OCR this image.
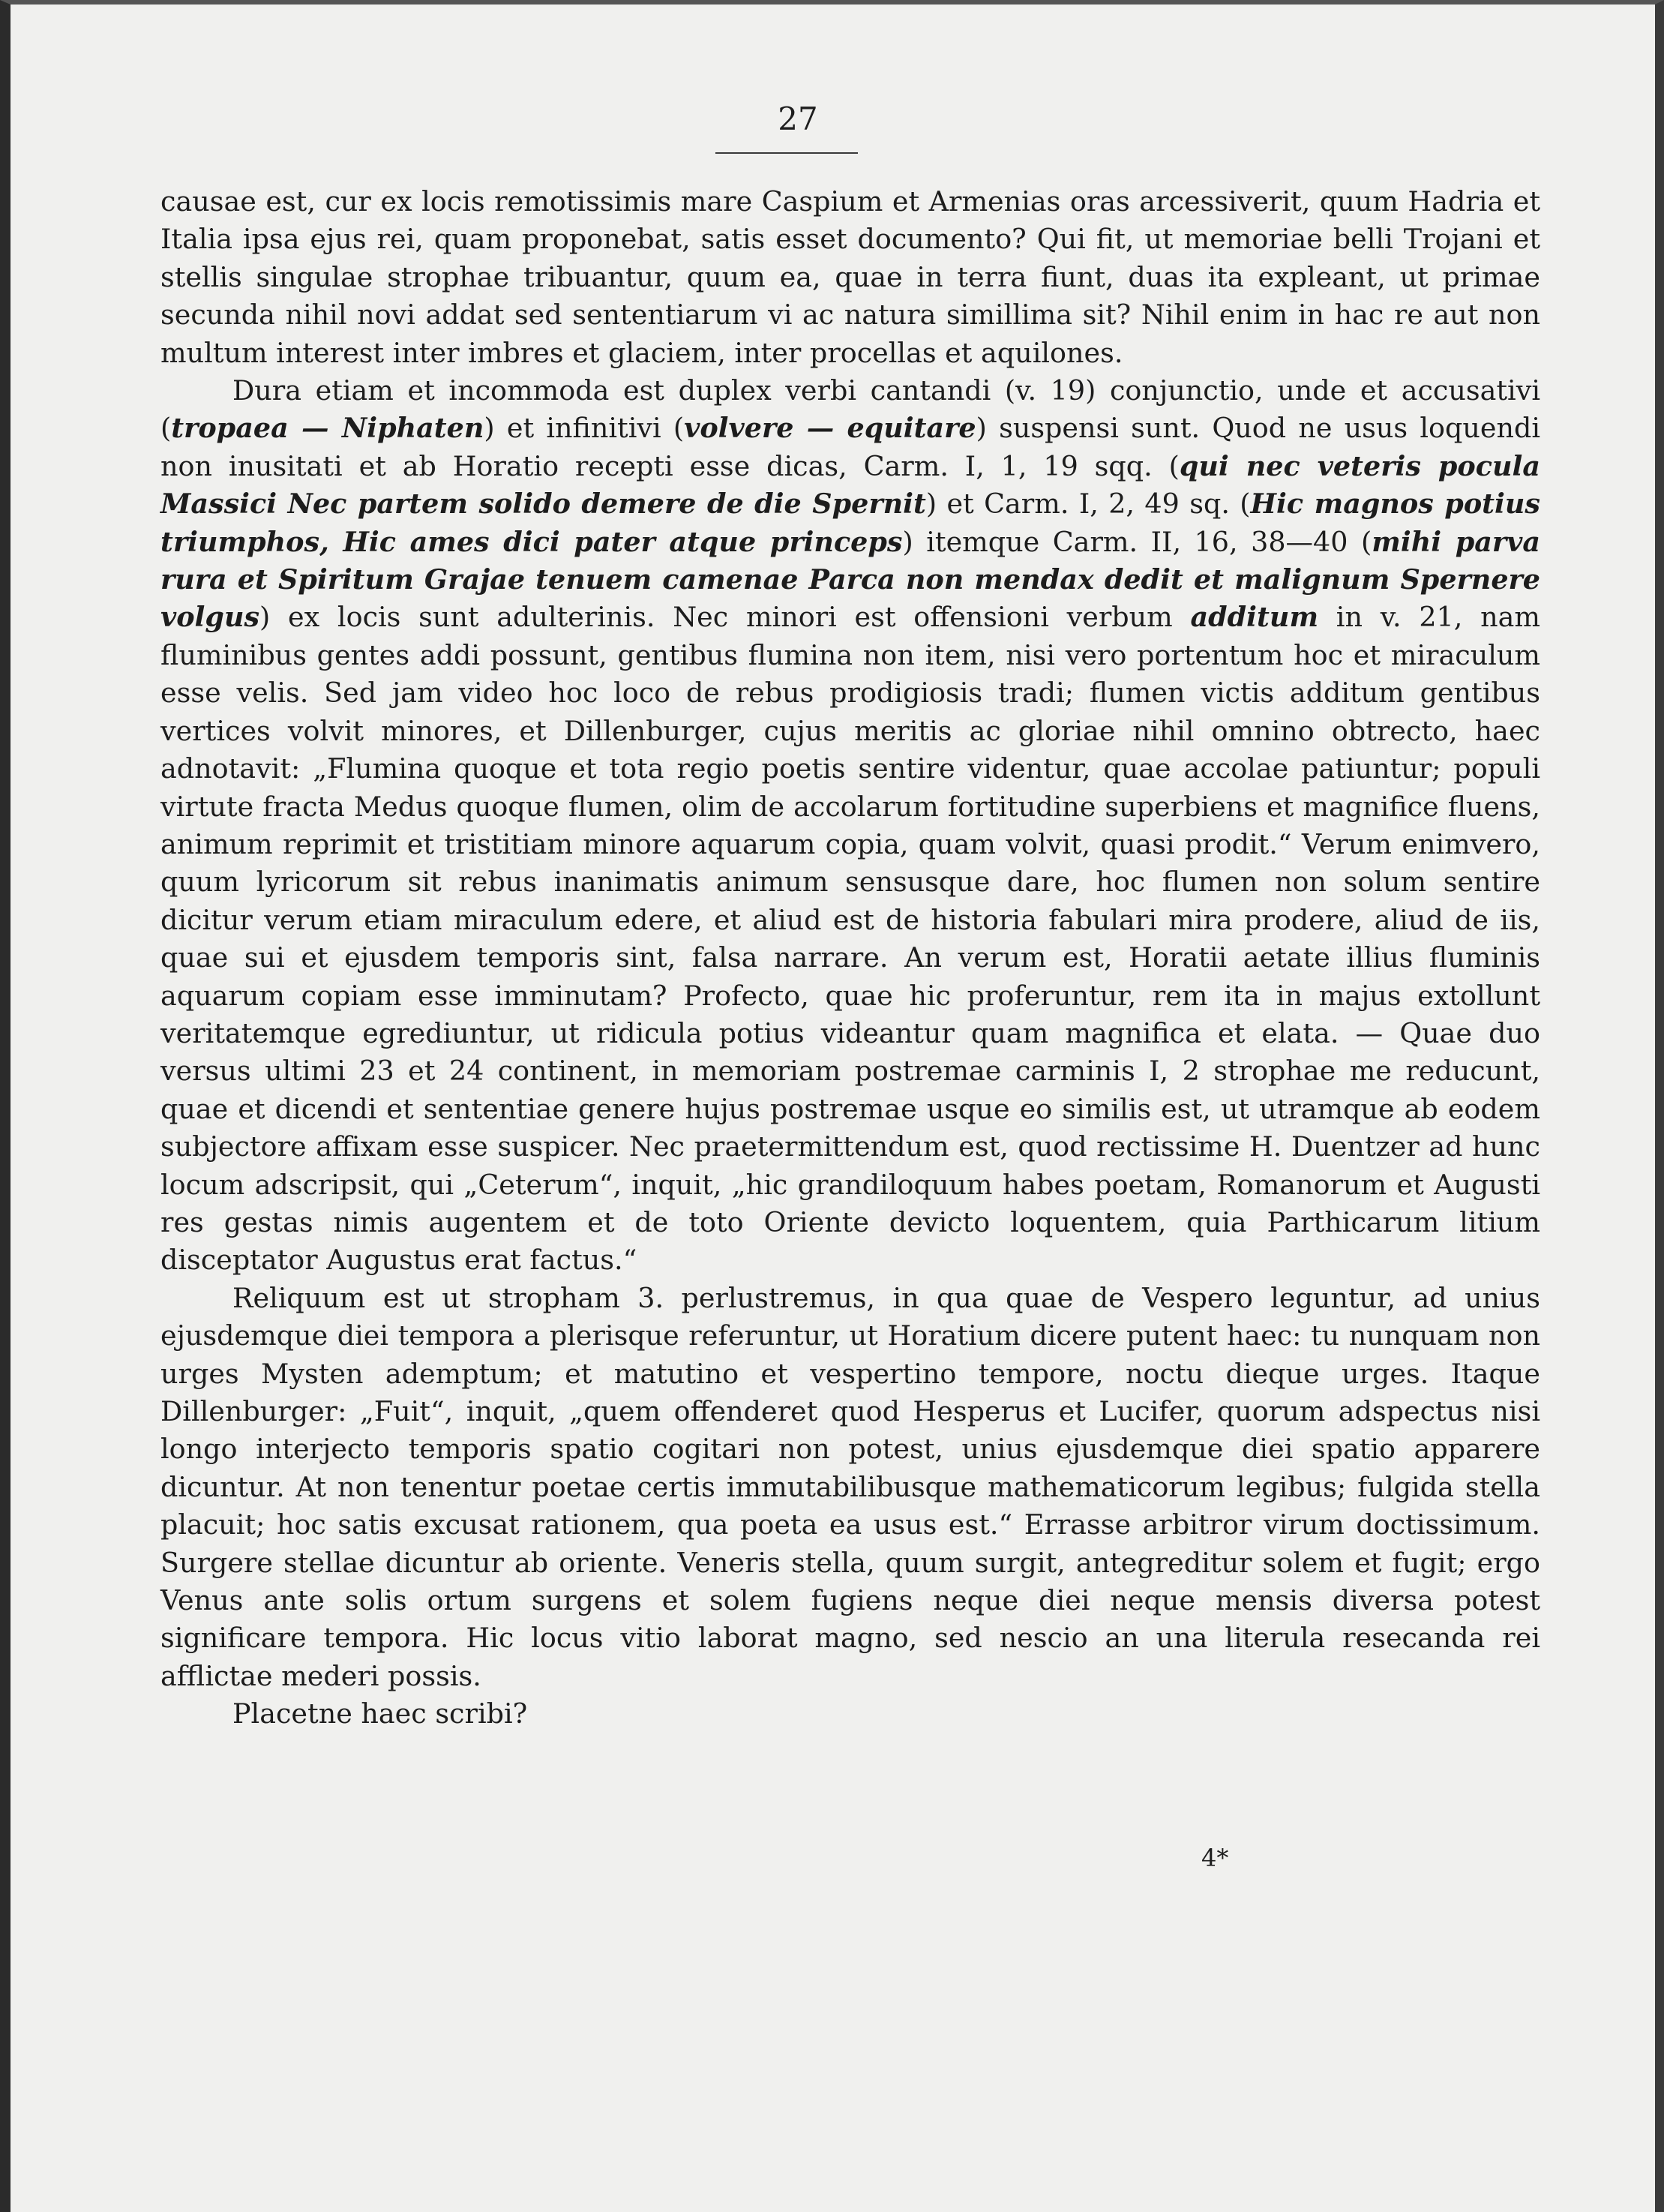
27

causae est, cur ex locis remotissimis mare Caspium et Armenias oras arcessiverit, quum Hadria et Italia ipsa ejus rei, quam proponebat, satis esset documento? Qui fit, ut memoriae belli Trojani et stellis singulae strophae tribuantur, quum ea, quae in terra fiunt, duas ita expleant, ut primae secunda nihil novi addat sed sententiarum vi ac natura simillima sit? Nihil enim in hac re aut non multum interest inter imbres et glaciem, inter procellas et aquilones.

Dura etiam et incommoda est duplex verbi cantandi (v. 19) conjunctio, unde et accusativi (tropaea — Niphaten) et infinitivi (volvere — equitare) suspensi sunt. Quod ne usus loquendi non inusitati et ab Horatio recepti esse dicas, Carm. I, 1, 19 sqq. (qui nec veteris pocula Massici Nec partem solido demere de die Spernit) et Carm. I, 2, 49 sq. (Hic magnos potius triumphos, Hic ames dici pater atque princeps) itemque Carm. II, 16, 38—40 (mihi parva rura et Spiritum Grajae tenuem camenae Parca non mendax dedit et malignum Spernere volgus) ex locis sunt adulterinis. Nec minori est offensioni verbum additum in v. 21, nam fluminibus gentes addi possunt, gentibus flumina non item, nisi vero portentum hoc et miraculum esse velis. Sed jam video hoc loco de rebus prodigiosis tradi; flumen victis additum gentibus vertices volvit minores, et Dillenburger, cujus meritis ac gloriae nihil omnino obtrecto, haec adnotavit: „Flumina quoque et tota regio poetis sentire videntur, quae accolae patiuntur; populi virtute fracta Medus quoque flumen, olim de accolarum fortitudine superbiens et magnifice fluens, animum reprimit et tristitiam minore aquarum copia, quam volvit, quasi prodit.“ Verum enimvero, quum lyricorum sit rebus inanimatis animum sensusque dare, hoc flumen non solum sentire dicitur verum etiam miraculum edere, et aliud est de historia fabulari mira prodere, aliud de iis, quae sui et ejusdem temporis sint, falsa narrare. An verum est, Horatii aetate illius fluminis aquarum copiam esse imminutam? Profecto, quae hic proferuntur, rem ita in majus extollunt veritatemque egrediuntur, ut ridicula potius videantur quam magnifica et elata. — Quae duo versus ultimi 23 et 24 continent, in memoriam postremae carminis I, 2 strophae me reducunt, quae et dicendi et sententiae genere hujus postremae usque eo similis est, ut utramque ab eodem subjectore affixam esse suspicer. Nec praetermittendum est, quod rectissime H. Duentzer ad hunc locum adscripsit, qui „Ceterum“, inquit, „hic grandiloquum habes poetam, Romanorum et Augusti res gestas nimis augentem et de toto Oriente devicto loquentem, quia Parthicarum litium disceptator Augustus erat factus.“

Reliquum est ut stropham 3. perlustremus, in qua quae de Vespero leguntur, ad unius ejusdemque diei tempora a plerisque referuntur, ut Horatium dicere putent haec: tu nunquam non urges Mysten ademptum; et matutino et vespertino tempore, noctu dieque urges. Itaque Dillenburger: „Fuit“, inquit, „quem offenderet quod Hesperus et Lucifer, quorum adspectus nisi longo interjecto temporis spatio cogitari non potest, unius ejusdemque diei spatio apparere dicuntur. At non tenentur poetae certis immutabilibusque mathematicorum legibus; fulgida stella placuit; hoc satis excusat rationem, qua poeta ea usus est.“ Errasse arbitror virum doctissimum. Surgere stellae dicuntur ab oriente. Veneris stella, quum surgit, antegreditur solem et fugit; ergo Venus ante solis ortum surgens et solem fugiens neque diei neque mensis diversa potest significare tempora. Hic locus vitio laborat magno, sed nescio an una literula resecanda rei afflictae mederi possis.

Placetne haec scribi?

4*
